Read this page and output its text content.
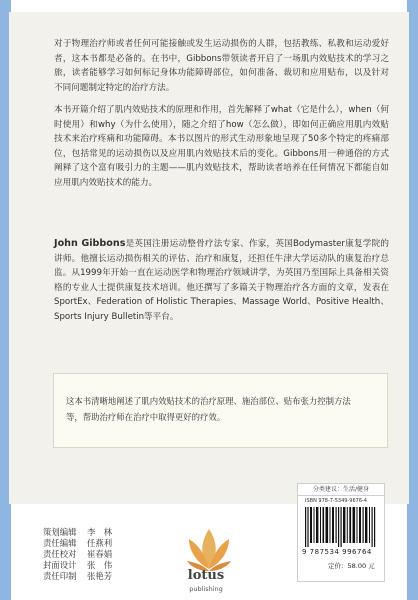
对于物理治疗师或者任何可能接触或发生运动损伤的人群，包括教练、私教和运动爱好者，这本书都是必备的。在书中，Gibbons带领读者开启了一场肌内效贴技术的学习之旅，读者能够学习如何标记身体功能障碍部位，如何准备、裁切和应用贴布，以及针对不同问题制定特定的治疗方法。
本书开篇介绍了肌内效贴技术的原理和作用，首先解释了what（它是什么），when（何时使用）和why（为什么使用），随之介绍了how（怎么做），即如何正确应用肌内效贴技术来治疗疼痛和功能障碍。本书以图片的形式生动形象地呈现了50多个特定的疼痛部位，包括常见的运动损伤以及应用肌内效贴技术后的变化。Gibbons用一种通俗的方式阐释了这个富有吸引力的主题——肌内效贴技术，帮助读者培养在任何情况下都能自如应用肌内效贴技术的能力。
John Gibbons是英国注册运动整骨疗法专家、作家，英国Bodymaster康复学院的讲师。他擅长运动损伤相关的评估、治疗和康复，还担任牛津大学运动队的康复治疗总监。从1999年开始一直在运动医学和物理治疗领域讲学，为英国乃至国际上具备相关资格的专业人士提供康复技术培训。他还撰写了多篇关于物理治疗各方面的文章，发表在SportEx、Federation of Holistic Therapies、Massage World、Positive Health、Sports Injury Bulletin等平台。
这本书清晰地阐述了肌内效贴技术的治疗原理、施治部位、贴布张力控制方法等，帮助治疗师在治疗中取得更好的疗效。
策划编辑	李　林
责任编辑	任燕利
责任校对	崔春娟
封面设计	张　伟
责任印制	张艳芳	lotus
publishing
分类建议：生活/健身
ISBN 978-7-5349-9676-4
9 787534 996764
定价：58.00 元
